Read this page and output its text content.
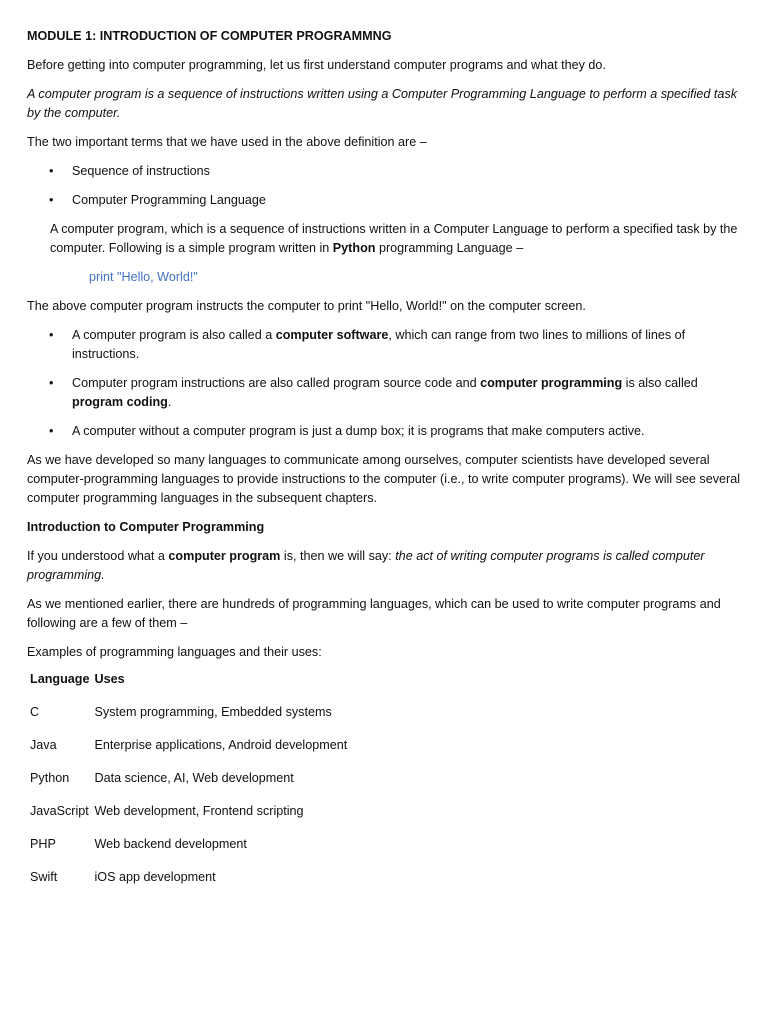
MODULE 1: INTRODUCTION OF COMPUTER PROGRAMMNG

Before getting into computer programming, let us first understand computer programs and what they do.

A computer program is a sequence of instructions written using a Computer Programming Language to perform a specified task by the computer.

The two important terms that we have used in the above definition are –

• Sequence of instructions
• Computer Programming Language

A computer program, which is a sequence of instructions written in a Computer Language to perform a specified task by the computer. Following is a simple program written in Python programming Language –

print "Hello, World!"

The above computer program instructs the computer to print "Hello, World!" on the computer screen.

• A computer program is also called a computer software, which can range from two lines to millions of lines of instructions.
• Computer program instructions are also called program source code and computer programming is also called program coding.
• A computer without a computer program is just a dump box; it is programs that make computers active.

As we have developed so many languages to communicate among ourselves, computer scientists have developed several computer-programming languages to provide instructions to the computer (i.e., to write computer programs). We will see several computer programming languages in the subsequent chapters.

Introduction to Computer Programming

If you understood what a computer program is, then we will say: the act of writing computer programs is called computer programming.

As we mentioned earlier, there are hundreds of programming languages, which can be used to write computer programs and following are a few of them –

Examples of programming languages and their uses:

Language	Uses
C	System programming, Embedded systems
Java	Enterprise applications, Android development
Python	Data science, AI, Web development
JavaScript	Web development, Frontend scripting
PHP	Web backend development
Swift	iOS app development
